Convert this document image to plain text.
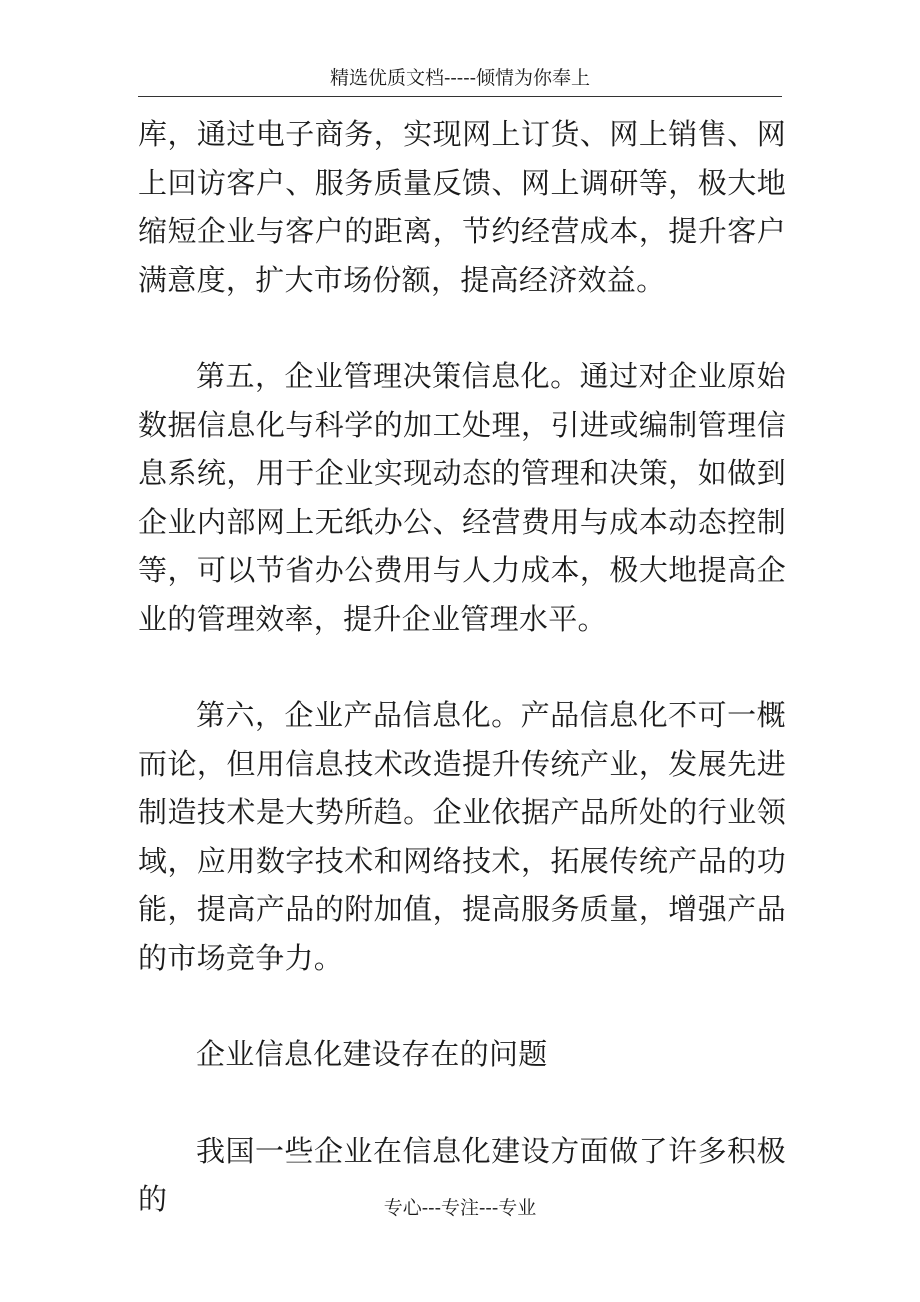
精选优质文档-----倾情为你奉上

库，通过电子商务，实现网上订货、网上销售、网上回访客户、服务质量反馈、网上调研等，极大地缩短企业与客户的距离，节约经营成本，提升客户满意度，扩大市场份额，提高经济效益。

第五，企业管理决策信息化。通过对企业原始数据信息化与科学的加工处理，引进或编制管理信息系统，用于企业实现动态的管理和决策，如做到企业内部网上无纸办公、经营费用与成本动态控制等，可以节省办公费用与人力成本，极大地提高企业的管理效率，提升企业管理水平。

第六，企业产品信息化。产品信息化不可一概而论，但用信息技术改造提升传统产业，发展先进制造技术是大势所趋。企业依据产品所处的行业领域，应用数字技术和网络技术，拓展传统产品的功能，提高产品的附加值，提高服务质量，增强产品的市场竞争力。

企业信息化建设存在的问题

我国一些企业在信息化建设方面做了许多积极的	专心---专注---专业
